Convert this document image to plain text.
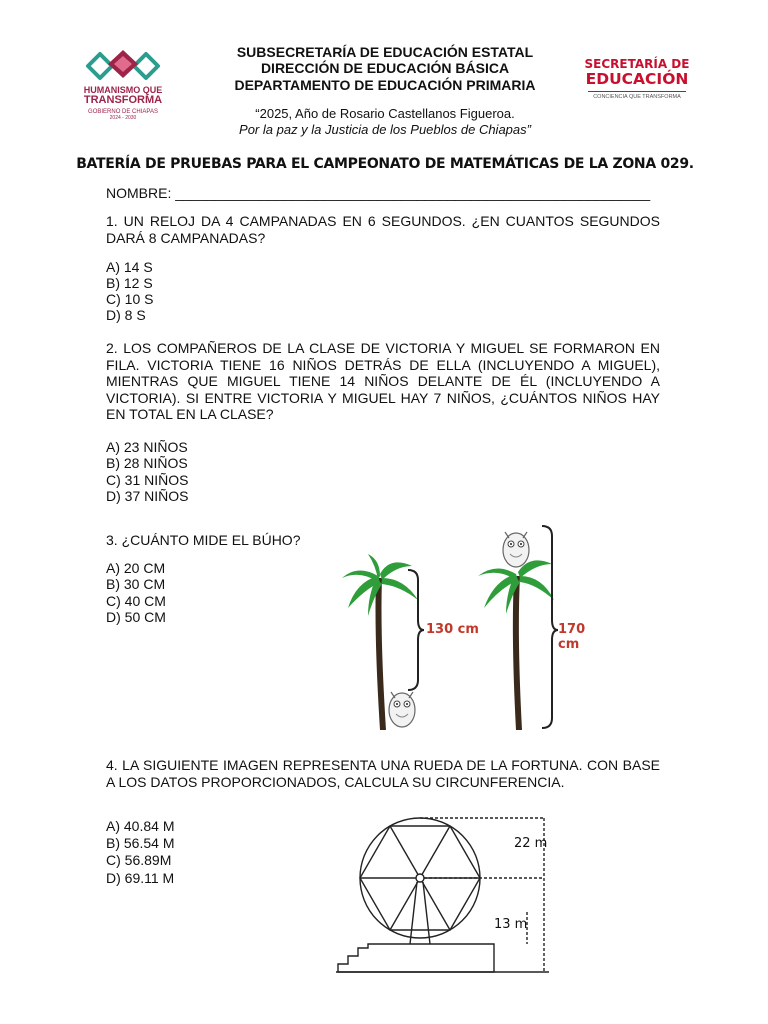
HUMANISMO QUE
TRANSFORMA
GOBIERNO DE CHIAPAS
2024 - 2030
SUBSECRETARÍA DE EDUCACIÓN ESTATAL
DIRECCIÓN DE EDUCACIÓN BÁSICA
DEPARTAMENTO DE EDUCACIÓN PRIMARIA
“2025, Año de Rosario Castellanos Figueroa.
Por la paz y la Justicia de los Pueblos de Chiapas”
SECRETARÍA DE
EDUCACIÓN
CONCIENCIA QUE TRANSFORMA
BATERÍA DE PRUEBAS PARA EL CAMPEONATO DE MATEMÁTICAS DE LA ZONA 029.
NOMBRE: _____________________________________________________________
1. UN RELOJ DA 4 CAMPANADAS EN 6 SEGUNDOS. ¿EN CUANTOS SEGUNDOS DARÁ 8 CAMPANADAS?
A) 14 S
B) 12 S
C) 10 S
D) 8 S
2. LOS COMPAÑEROS DE LA CLASE DE VICTORIA Y MIGUEL SE FORMARON EN FILA. VICTORIA TIENE 16 NIÑOS DETRÁS DE ELLA (INCLUYENDO A MIGUEL), MIENTRAS QUE MIGUEL TIENE 14 NIÑOS DELANTE DE ÉL (INCLUYENDO A VICTORIA). SI ENTRE VICTORIA Y MIGUEL HAY 7 NIÑOS, ¿CUÁNTOS NIÑOS HAY EN TOTAL EN LA CLASE?
A) 23 NIÑOS
B) 28 NIÑOS
C) 31 NIÑOS
D) 37 NIÑOS
3. ¿CUÁNTO MIDE EL BÚHO?
A) 20 CM
B) 30 CM
C) 40 CM
D) 50 CM
130 cm	170 cm
4. LA SIGUIENTE IMAGEN REPRESENTA UNA RUEDA DE LA FORTUNA. CON BASE A LOS DATOS PROPORCIONADOS, CALCULA SU CIRCUNFERENCIA.
A) 40.84 M
B) 56.54 M
C) 56.89M
D) 69.11 M
22 m
13 m
